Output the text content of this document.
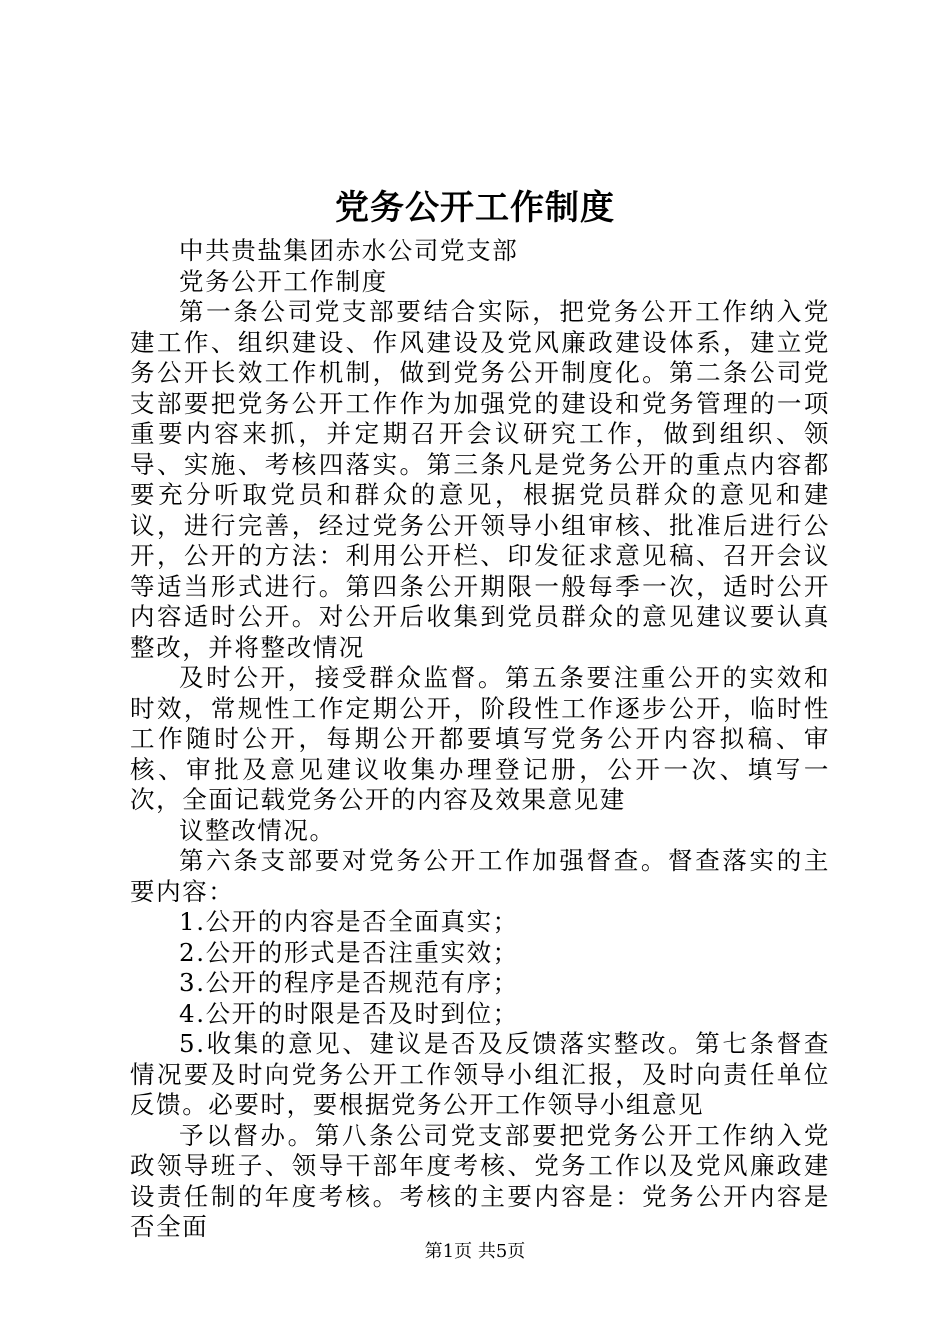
党务公开工作制度

中共贵盐集团赤水公司党支部

党务公开工作制度

第一条公司党支部要结合实际，把党务公开工作纳入党建工作、组织建设、作风建设及党风廉政建设体系，建立党务公开长效工作机制，做到党务公开制度化。第二条公司党支部要把党务公开工作作为加强党的建设和党务管理的一项重要内容来抓，并定期召开会议研究工作，做到组织、领导、实施、考核四落实。第三条凡是党务公开的重点内容都要充分听取党员和群众的意见，根据党员群众的意见和建议，进行完善，经过党务公开领导小组审核、批准后进行公开，公开的方法：利用公开栏、印发征求意见稿、召开会议等适当形式进行。第四条公开期限一般每季一次，适时公开内容适时公开。对公开后收集到党员群众的意见建议要认真整改，并将整改情况

及时公开，接受群众监督。第五条要注重公开的实效和时效，常规性工作定期公开，阶段性工作逐步公开，临时性工作随时公开，每期公开都要填写党务公开内容拟稿、审核、审批及意见建议收集办理登记册，公开一次、填写一次，全面记载党务公开的内容及效果意见建

议整改情况。

第六条支部要对党务公开工作加强督查。督查落实的主要内容：

1.公开的内容是否全面真实；

2.公开的形式是否注重实效；

3.公开的程序是否规范有序；

4.公开的时限是否及时到位；

5.收集的意见、建议是否及反馈落实整改。第七条督查情况要及时向党务公开工作领导小组汇报，及时向责任单位反馈。必要时，要根据党务公开工作领导小组意见

予以督办。第八条公司党支部要把党务公开工作纳入党政领导班子、领导干部年度考核、党务工作以及党风廉政建设责任制的年度考核。考核的主要内容是：党务公开内容是否全面

第1页 共5页
